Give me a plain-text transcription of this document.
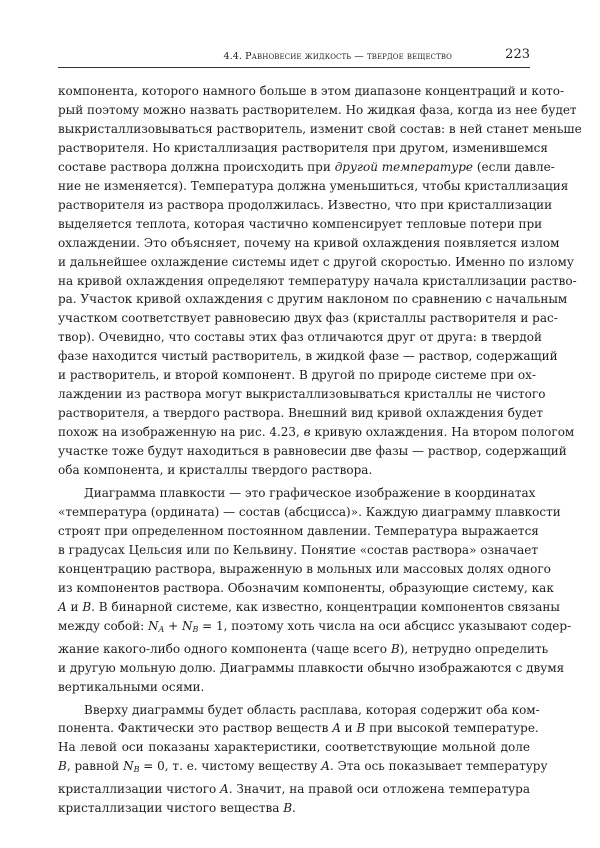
4.4. Равновесие жидкость — твердое вещество	223

компонента, которого намного больше в этом диапазоне концентраций и кото-

рый поэтому можно назвать растворителем. Но жидкая фаза, когда из нее будет

выкристаллизовываться растворитель, изменит свой состав: в ней станет меньше

растворителя. Но кристаллизация растворителя при другом, изменившемся

составе раствора должна происходить при другой температуре (если давле-

ние не изменяется). Температура должна уменьшиться, чтобы кристаллизация

растворителя из раствора продолжилась. Известно, что при кристаллизации

выделяется теплота, которая частично компенсирует тепловые потери при

охлаждении. Это объясняет, почему на кривой охлаждения появляется излом

и дальнейшее охлаждение системы идет с другой скоростью. Именно по излому

на кривой охлаждения определяют температуру начала кристаллизации раство-

ра. Участок кривой охлаждения с другим наклоном по сравнению с начальным

участком соответствует равновесию двух фаз (кристаллы растворителя и рас-

твор). Очевидно, что составы этих фаз отличаются друг от друга: в твердой

фазе находится чистый растворитель, в жидкой фазе — раствор, содержащий

и растворитель, и второй компонент. В другой по природе системе при ох-

лаждении из раствора могут выкристаллизовываться кристаллы не чистого

растворителя, а твердого раствора. Внешний вид кривой охлаждения будет

похож на изображенную на рис. 4.23, в кривую охлаждения. На втором пологом

участке тоже будут находиться в равновесии две фазы — раствор, содержащий

оба компонента, и кристаллы твердого раствора.

Диаграмма плавкости — это графическое изображение в координатах

«температура (ордината) — состав (абсцисса)». Каждую диаграмму плавкости

строят при определенном постоянном давлении. Температура выражается

в градусах Цельсия или по Кельвину. Понятие «состав раствора» означает

концентрацию раствора, выраженную в мольных или массовых долях одного

из компонентов раствора. Обозначим компоненты, образующие систему, как

A и B. В бинарной системе, как известно, концентрации компонентов связаны

между собой: $N_A + N_B = 1$, поэтому хоть числа на оси абсцисс указывают содер-

жание какого-либо одного компонента (чаще всего B), нетрудно определить

и другую мольную долю. Диаграммы плавкости обычно изображаются с двумя

вертикальными осями.

Вверху диаграммы будет область расплава, которая содержит оба ком-

понента. Фактически это раствор веществ A и B при высокой температуре.

На левой оси показаны характеристики, соответствующие мольной доле

B, равной $N_B = 0$, т. е. чистому веществу A. Эта ось показывает температуру

кристаллизации чистого A. Значит, на правой оси отложена температура

кристаллизации чистого вещества B.
